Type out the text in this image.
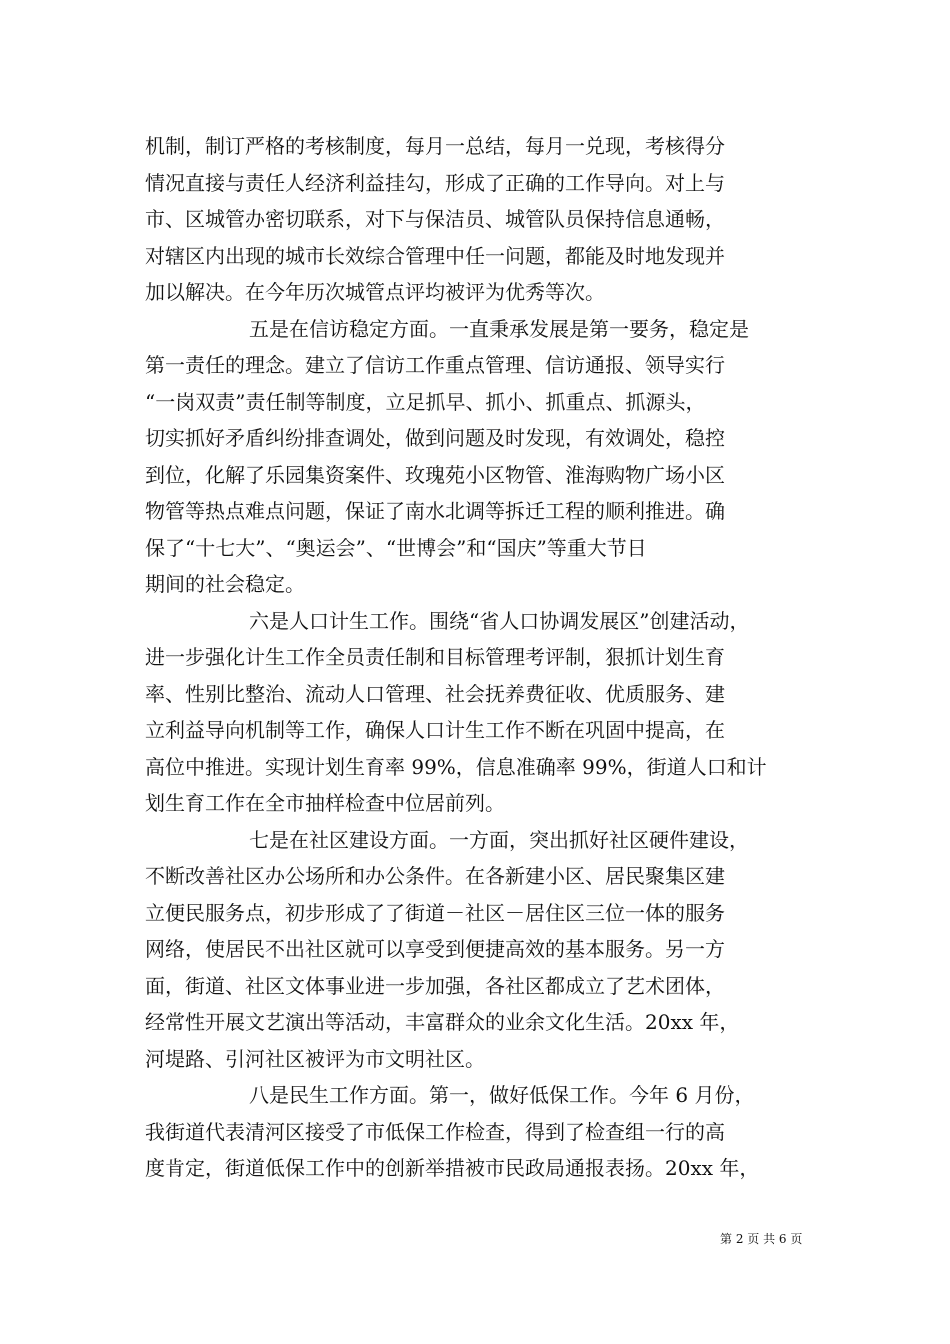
机制，制订严格的考核制度，每月一总结，每月一兑现，考核得分
情况直接与责任人经济利益挂勾，形成了正确的工作导向。对上与
市、区城管办密切联系，对下与保洁员、城管队员保持信息通畅，
对辖区内出现的城市长效综合管理中任一问题，都能及时地发现并
加以解决。在今年历次城管点评均被评为优秀等次。
五是在信访稳定方面。一直秉承发展是第一要务，稳定是
第一责任的理念。建立了信访工作重点管理、信访通报、领导实行
“一岗双责”责任制等制度，立足抓早、抓小、抓重点、抓源头，
切实抓好矛盾纠纷排查调处，做到问题及时发现，有效调处，稳控
到位，化解了乐园集资案件、玫瑰苑小区物管、淮海购物广场小区
物管等热点难点问题，保证了南水北调等拆迁工程的顺利推进。确
保了“十七大”、“奥运会”、“世博会”和“国庆”等重大节日
期间的社会稳定。
六是人口计生工作。围绕“省人口协调发展区”创建活动，
进一步强化计生工作全员责任制和目标管理考评制，狠抓计划生育
率、性别比整治、流动人口管理、社会抚养费征收、优质服务、建
立利益导向机制等工作，确保人口计生工作不断在巩固中提高，在
高位中推进。实现计划生育率 99%，信息准确率 99%，街道人口和计
划生育工作在全市抽样检查中位居前列。
七是在社区建设方面。一方面，突出抓好社区硬件建设，
不断改善社区办公场所和办公条件。在各新建小区、居民聚集区建
立便民服务点，初步形成了了街道－社区－居住区三位一体的服务
网络，使居民不出社区就可以享受到便捷高效的基本服务。另一方
面，街道、社区文体事业进一步加强，各社区都成立了艺术团体，
经常性开展文艺演出等活动，丰富群众的业余文化生活。20xx 年，
河堤路、引河社区被评为市文明社区。
八是民生工作方面。第一，做好低保工作。今年 6 月份，
我街道代表清河区接受了市低保工作检查，得到了检查组一行的高
度肯定，街道低保工作中的创新举措被市民政局通报表扬。20xx 年，
第 2 页 共 6 页
